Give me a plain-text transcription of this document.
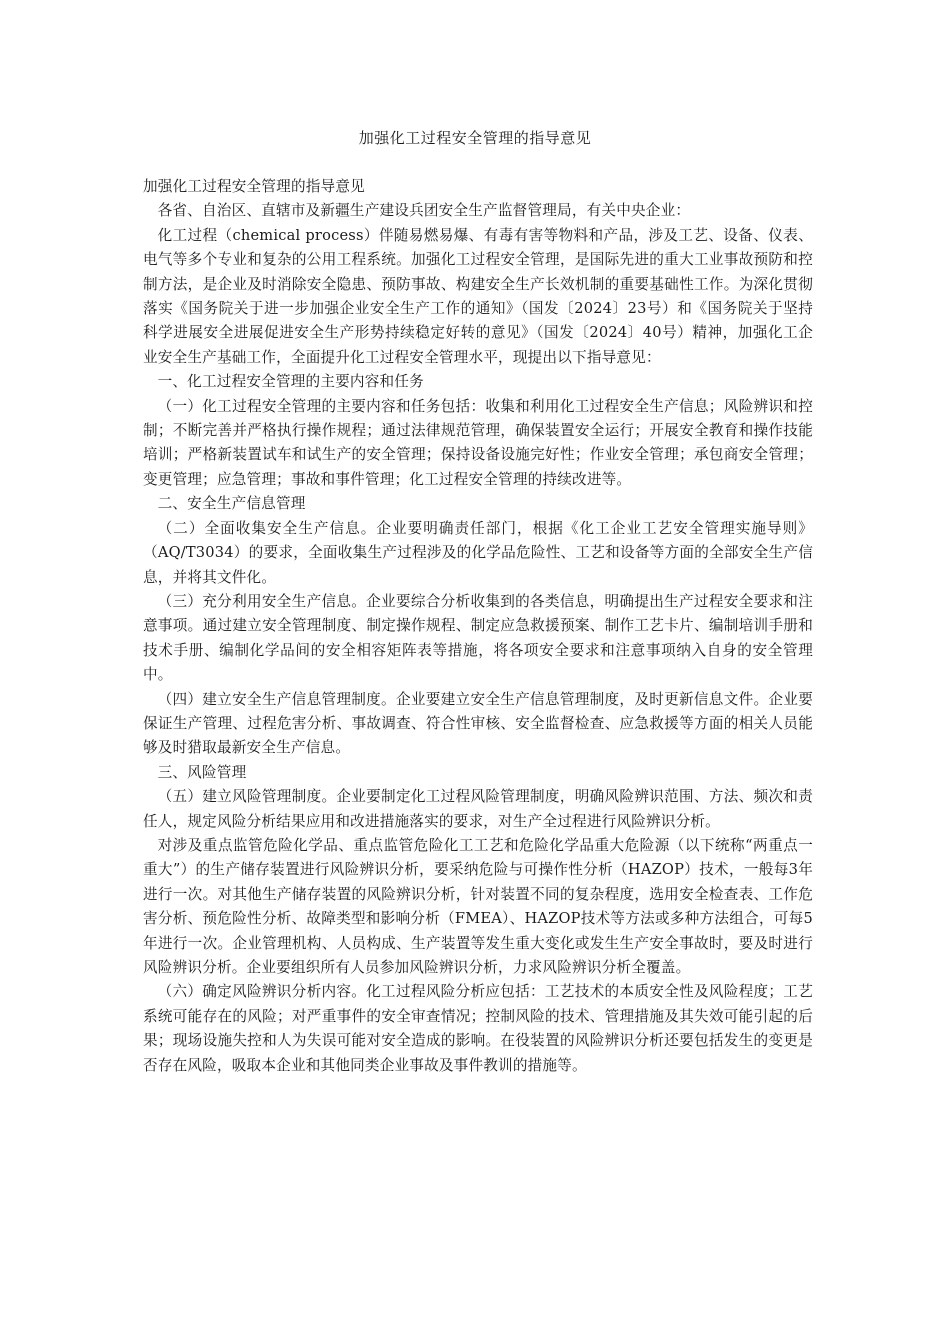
加强化工过程安全管理的指导意见

加强化工过程安全管理的指导意见

各省、自治区、直辖市及新疆生产建设兵团安全生产监督管理局，有关中央企业：

化工过程（chemical process）伴随易燃易爆、有毒有害等物料和产品，涉及工艺、设备、仪表、电气等多个专业和复杂的公用工程系统。加强化工过程安全管理，是国际先进的重大工业事故预防和控制方法，是企业及时消除安全隐患、预防事故、构建安全生产长效机制的重要基础性工作。为深化贯彻落实《国务院关于进一步加强企业安全生产工作的通知》（国发〔2024〕23号）和《国务院关于坚持科学进展安全进展促进安全生产形势持续稳定好转的意见》（国发〔2024〕40号）精神，加强化工企业安全生产基础工作，全面提升化工过程安全管理水平，现提出以下指导意见：

一、化工过程安全管理的主要内容和任务

（一）化工过程安全管理的主要内容和任务包括：收集和利用化工过程安全生产信息；风险辨识和控制；不断完善并严格执行操作规程；通过法律规范管理，确保装置安全运行；开展安全教育和操作技能培训；严格新装置试车和试生产的安全管理；保持设备设施完好性；作业安全管理；承包商安全管理；变更管理；应急管理；事故和事件管理；化工过程安全管理的持续改进等。

二、安全生产信息管理

（二）全面收集安全生产信息。企业要明确责任部门，根据《化工企业工艺安全管理实施导则》（AQ/T3034）的要求，全面收集生产过程涉及的化学品危险性、工艺和设备等方面的全部安全生产信息，并将其文件化。

（三）充分利用安全生产信息。企业要综合分析收集到的各类信息，明确提出生产过程安全要求和注意事项。通过建立安全管理制度、制定操作规程、制定应急救援预案、制作工艺卡片、编制培训手册和技术手册、编制化学品间的安全相容矩阵表等措施，将各项安全要求和注意事项纳入自身的安全管理中。

（四）建立安全生产信息管理制度。企业要建立安全生产信息管理制度，及时更新信息文件。企业要保证生产管理、过程危害分析、事故调查、符合性审核、安全监督检查、应急救援等方面的相关人员能够及时猎取最新安全生产信息。

三、风险管理

（五）建立风险管理制度。企业要制定化工过程风险管理制度，明确风险辨识范围、方法、频次和责任人，规定风险分析结果应用和改进措施落实的要求，对生产全过程进行风险辨识分析。

对涉及重点监管危险化学品、重点监管危险化工工艺和危险化学品重大危险源（以下统称“两重点一重大”）的生产储存装置进行风险辨识分析，要采纳危险与可操作性分析（HAZOP）技术，一般每3年进行一次。对其他生产储存装置的风险辨识分析，针对装置不同的复杂程度，选用安全检查表、工作危害分析、预危险性分析、故障类型和影响分析（FMEA）、HAZOP技术等方法或多种方法组合，可每5年进行一次。企业管理机构、人员构成、生产装置等发生重大变化或发生生产安全事故时，要及时进行风险辨识分析。企业要组织所有人员参加风险辨识分析，力求风险辨识分析全覆盖。

（六）确定风险辨识分析内容。化工过程风险分析应包括：工艺技术的本质安全性及风险程度；工艺系统可能存在的风险；对严重事件的安全审查情况；控制风险的技术、管理措施及其失效可能引起的后果；现场设施失控和人为失误可能对安全造成的影响。在役装置的风险辨识分析还要包括发生的变更是否存在风险，吸取本企业和其他同类企业事故及事件教训的措施等。
